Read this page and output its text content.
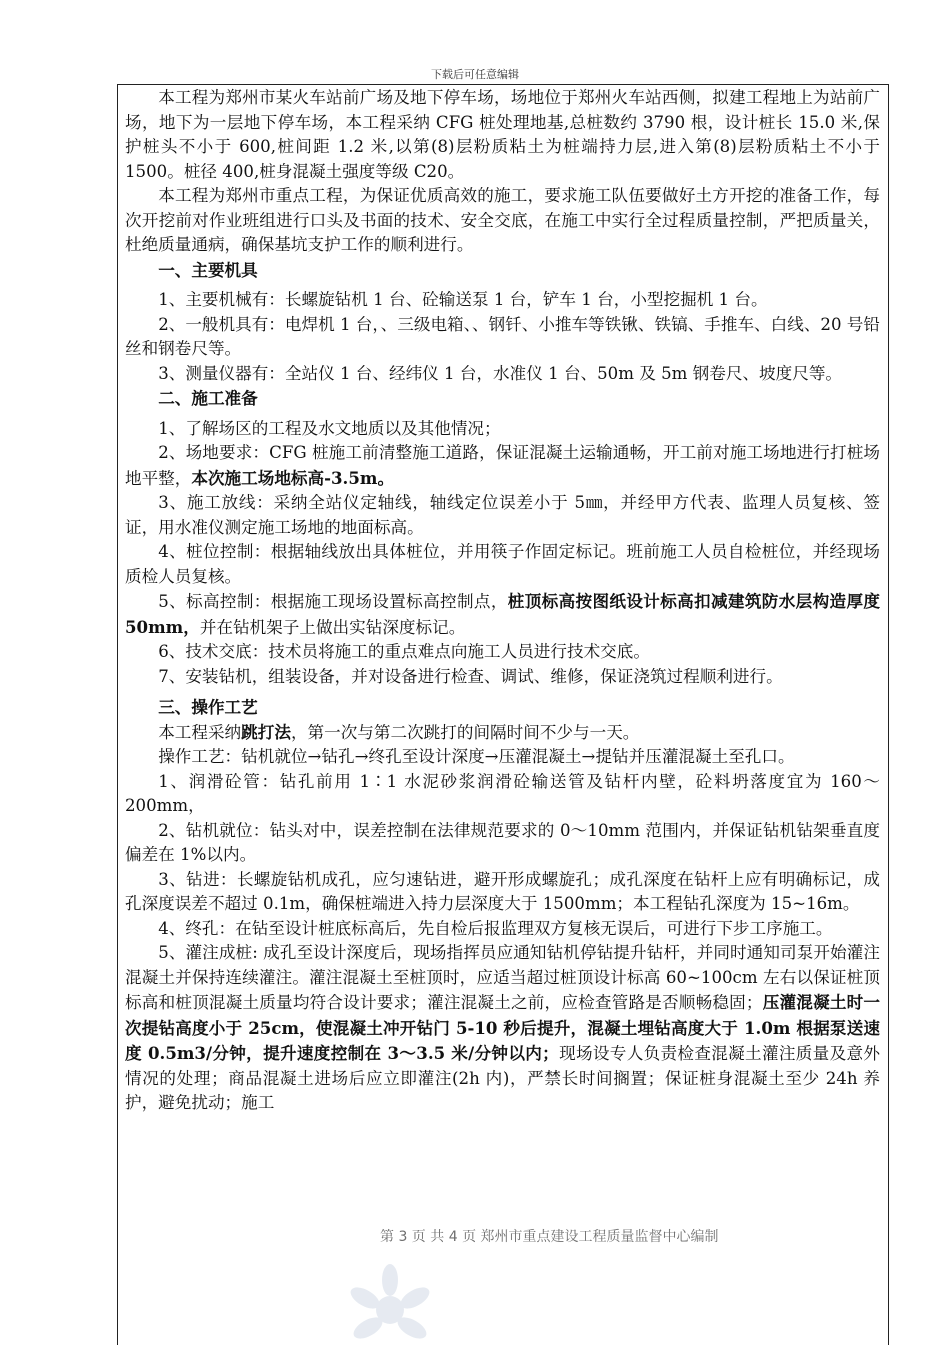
下载后可任意编辑

本工程为郑州市某火车站前广场及地下停车场，场地位于郑州火车站西侧，拟建工程地上为站前广场，地下为一层地下停车场，本工程采纳 CFG 桩处理地基,总桩数约 3790 根，设计桩长 15.0 米,保护桩头不小于 600,桩间距 1.2 米,以第(8)层粉质粘土为桩端持力层,进入第(8)层粉质粘土不小于 1500。桩径 400,桩身混凝土强度等级 C20。

本工程为郑州市重点工程，为保证优质高效的施工，要求施工队伍要做好土方开挖的准备工作，每次开挖前对作业班组进行口头及书面的技术、安全交底，在施工中实行全过程质量控制，严把质量关，杜绝质量通病，确保基坑支护工作的顺利进行。

一、主要机具

1、主要机械有：长螺旋钻机 1 台、砼输送泵 1 台，铲车 1 台，小型挖掘机 1 台。

2、一般机具有：电焊机 1 台，、三级电箱、、钢钎、小推车等铁锹、铁镐、手推车、白线、20 号铅丝和钢卷尺等。

3、测量仪器有：全站仪 1 台、经纬仪 1 台，水准仪 1 台、50m 及 5m 钢卷尺、坡度尺等。

二、施工准备

1、了解场区的工程及水文地质以及其他情况；

2、场地要求：CFG 桩施工前清整施工道路，保证混凝土运输通畅，开工前对施工场地进行打桩场地平整，本次施工场地标高-3.5m。

3、施工放线：采纳全站仪定轴线，轴线定位误差小于 5㎜，并经甲方代表、监理人员复核、签证，用水准仪测定施工场地的地面标高。

4、桩位控制：根据轴线放出具体桩位，并用筷子作固定标记。班前施工人员自检桩位，并经现场质检人员复核。

5、标高控制：根据施工现场设置标高控制点，桩顶标高按图纸设计标高扣减建筑防水层构造厚度 50mm，并在钻机架子上做出实钻深度标记。

6、技术交底：技术员将施工的重点难点向施工人员进行技术交底。

7、安装钻机，组装设备，并对设备进行检查、调试、维修，保证浇筑过程顺利进行。

三、操作工艺

本工程采纳跳打法，第一次与第二次跳打的间隔时间不少与一天。

操作工艺：钻机就位→钻孔→终孔至设计深度→压灌混凝土→提钻并压灌混凝土至孔口。

1、润滑砼管：钻孔前用 1∶1 水泥砂浆润滑砼输送管及钻杆内壁，砼料坍落度宜为 160～200mm，

2、钻机就位：钻头对中，误差控制在法律规范要求的 0～10mm 范围内，并保证钻机钻架垂直度偏差在 1%以内。

3、钻进：长螺旋钻机成孔，应匀速钻进，避开形成螺旋孔；成孔深度在钻杆上应有明确标记，成孔深度误差不超过 0.1m，确保桩端进入持力层深度大于 1500mm；本工程钻孔深度为 15~16m。

4、终孔：在钻至设计桩底标高后，先自检后报监理双方复核无误后，可进行下步工序施工。

5、灌注成桩: 成孔至设计深度后，现场指挥员应通知钻机停钻提升钻杆，并同时通知司泵开始灌注混凝土并保持连续灌注。灌注混凝土至桩顶时，应适当超过桩顶设计标高 60~100cm 左右以保证桩顶标高和桩顶混凝土质量均符合设计要求；灌注混凝土之前，应检查管路是否顺畅稳固；压灌混凝土时一次提钻高度小于 25cm，使混凝土冲开钻门 5-10 秒后提升，混凝土埋钻高度大于 1.0m 根据泵送速度 0.5m3/分钟，提升速度控制在 3～3.5 米/分钟以内；现场设专人负责检查混凝土灌注质量及意外情况的处理；商品混凝土进场后应立即灌注(2h 内)，严禁长时间搁置；保证桩身混凝土至少 24h 养护，避免扰动；施工

第 3 页 共 4 页 郑州市重点建设工程质量监督中心编制
